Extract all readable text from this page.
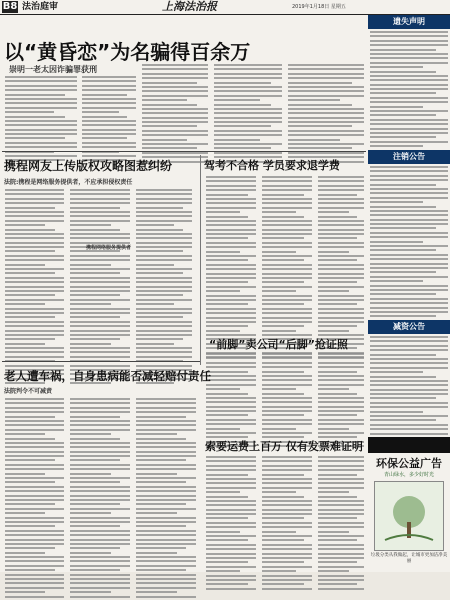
B8 法治庭审	上海法治报	2019年1月18日 星期五
以“黄昏恋”为名骗得百余万
崇明一老太因诈骗罪获刑
携程网友上传版权攻略图惹纠纷
法院:携程是网络服务提供者，不应承担侵权责任
携程网络服务提供者
驾考不合格 学员要求退学费
“前脚”卖公司“后脚”抢证照
老人遭车祸，自身患病能否减轻赔付责任
法院判令不可减责
索要运费上百万 仅有发票难证明
遗失声明
注销公告
减资公告

环保公益广告
青山绿水，多少好时光
垃圾分类从我做起，让城市更加洁净美丽
